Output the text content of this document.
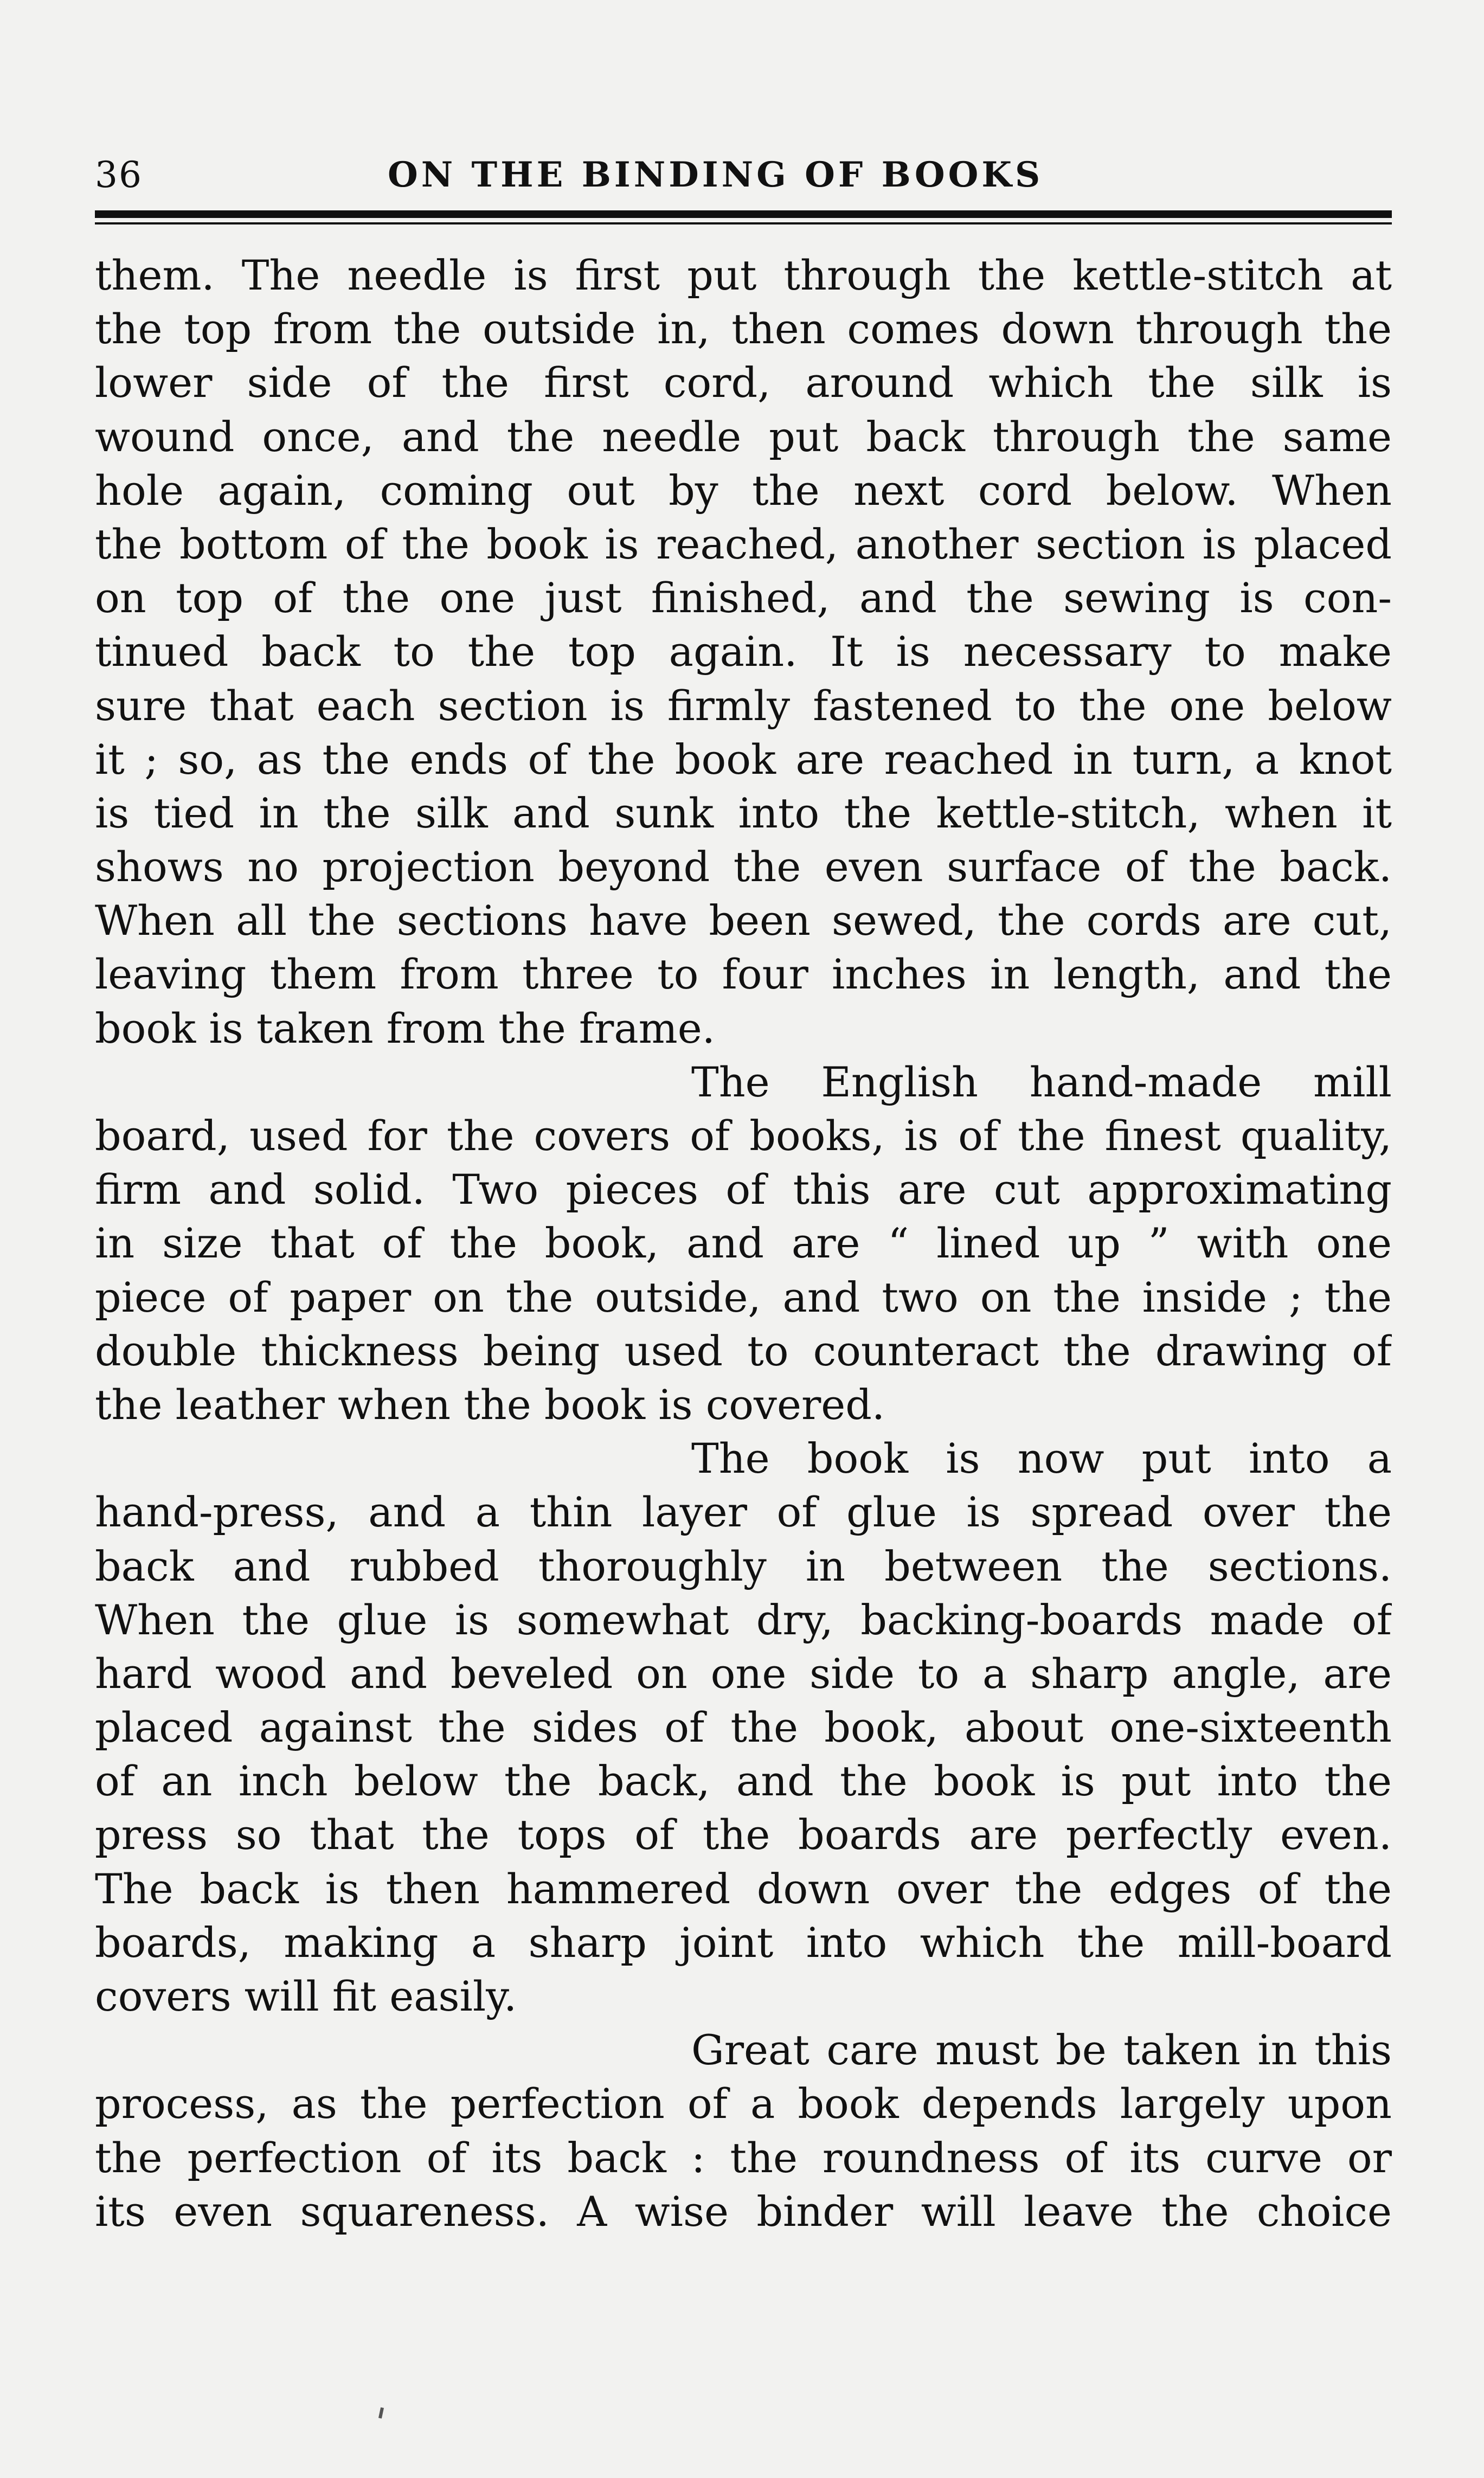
36	ON THE BINDING OF BOOKS
them. The needle is first put through the kettle-stitch at
the top from the outside in, then comes down through the
lower side of the first cord, around which the silk is
wound once, and the needle put back through the same
hole again, coming out by the next cord below. When
the bottom of the book is reached, another section is placed
on top of the one just finished, and the sewing is con-
tinued back to the top again. It is necessary to make
sure that each section is firmly fastened to the one below
it ; so, as the ends of the book are reached in turn, a knot
is tied in the silk and sunk into the kettle-stitch, when it
shows no projection beyond the even surface of the back.
When all the sections have been sewed, the cords are cut,
leaving them from three to four inches in length, and the
book is taken from the frame.
The English hand-made mill
board, used for the covers of books, is of the finest quality,
firm and solid. Two pieces of this are cut approximating
in size that of the book, and are “ lined up ” with one
piece of paper on the outside, and two on the inside ; the
double thickness being used to counteract the drawing of
the leather when the book is covered.
The book is now put into a
hand-press, and a thin layer of glue is spread over the
back and rubbed thoroughly in between the sections.
When the glue is somewhat dry, backing-boards made of
hard wood and beveled on one side to a sharp angle, are
placed against the sides of the book, about one-sixteenth
of an inch below the back, and the book is put into the
press so that the tops of the boards are perfectly even.
The back is then hammered down over the edges of the
boards, making a sharp joint into which the mill-board
covers will fit easily.
Great care must be taken in this
process, as the perfection of a book depends largely upon
the perfection of its back : the roundness of its curve or
its even squareness. A wise binder will leave the choice
